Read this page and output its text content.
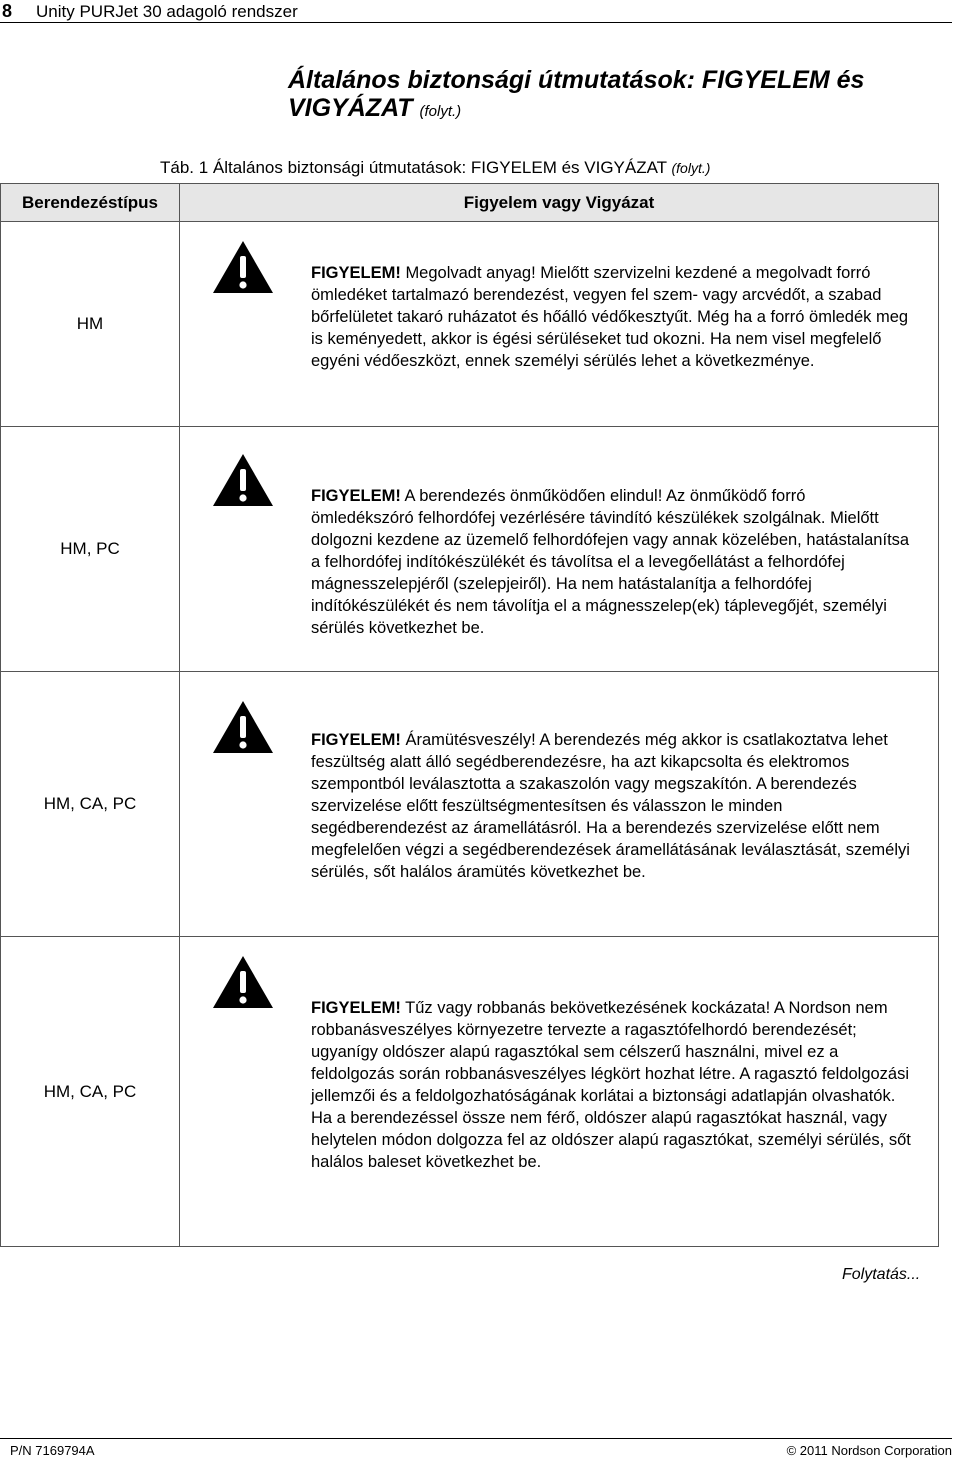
8 Unity PURJet 30 adagoló rendszer
Általános biztonsági útmutatások: FIGYELEM és VIGYÁZAT (folyt.)
Táb. 1 Általános biztonsági útmutatások: FIGYELEM és VIGYÁZAT (folyt.)
Berendezéstípus	Figyelem vagy Vigyázat
HM	FIGYELEM! Megolvadt anyag! Mielőtt szervizelni kezdené a megolvadt forró ömledéket tartalmazó berendezést, vegyen fel szem- vagy arcvédőt, a szabad bőrfelületet takaró ruházatot és hőálló védőkesztyűt. Még ha a forró ömledék meg is keményedett, akkor is égési sérüléseket tud okozni. Ha nem visel megfelelő egyéni védőeszközt, ennek személyi sérülés lehet a következménye.

HM, PC	FIGYELEM! A berendezés önműködően elindul! Az önműködő forró ömledékszóró felhordófej vezérlésére távindító készülékek szolgálnak. Mielőtt dolgozni kezdene az üzemelő felhordófejen vagy annak közelében, hatástalanítsa a felhordófej indítókészülékét és távolítsa el a levegőellátást a felhordófej mágnesszelepjéről (szelepjeiről). Ha nem hatástalanítja a felhordófej indítókészülékét és nem távolítja el a mágnesszelep(ek) táplevegőjét, személyi sérülés következhet be.

HM, CA, PC	FIGYELEM! Áramütésveszély! A berendezés még akkor is csatlakoztatva lehet feszültség alatt álló segédberendezésre, ha azt kikapcsolta és elektromos szempontból leválasztotta a szakaszolón vagy megszakítón. A berendezés szervizelése előtt feszültségmentesítsen és válasszon le minden segédberendezést az áramellátásról. Ha a berendezés szervizelése előtt nem megfelelően végzi a segédberendezések áramellátásának leválasztását, személyi sérülés, sőt halálos áramütés következhet be.

HM, CA, PC	FIGYELEM! Tűz vagy robbanás bekövetkezésének kockázata! A Nordson nem robbanásveszélyes környezetre tervezte a ragasztófelhordó berendezését; ugyanígy oldószer alapú ragasztókal sem célszerű használni, mivel ez a feldolgozás során robbanásveszélyes légkört hozhat létre. A ragasztó feldolgozási jellemzői és a feldolgozhatóságának korlátai a biztonsági adatlapján olvashatók. Ha a berendezéssel össze nem férő, oldószer alapú ragasztókat használ, vagy helytelen módon dolgozza fel az oldószer alapú ragasztókat, személyi sérülés, sőt halálos baleset következhet be.
Folytatás...
P/N 7169794A	© 2011 Nordson Corporation
